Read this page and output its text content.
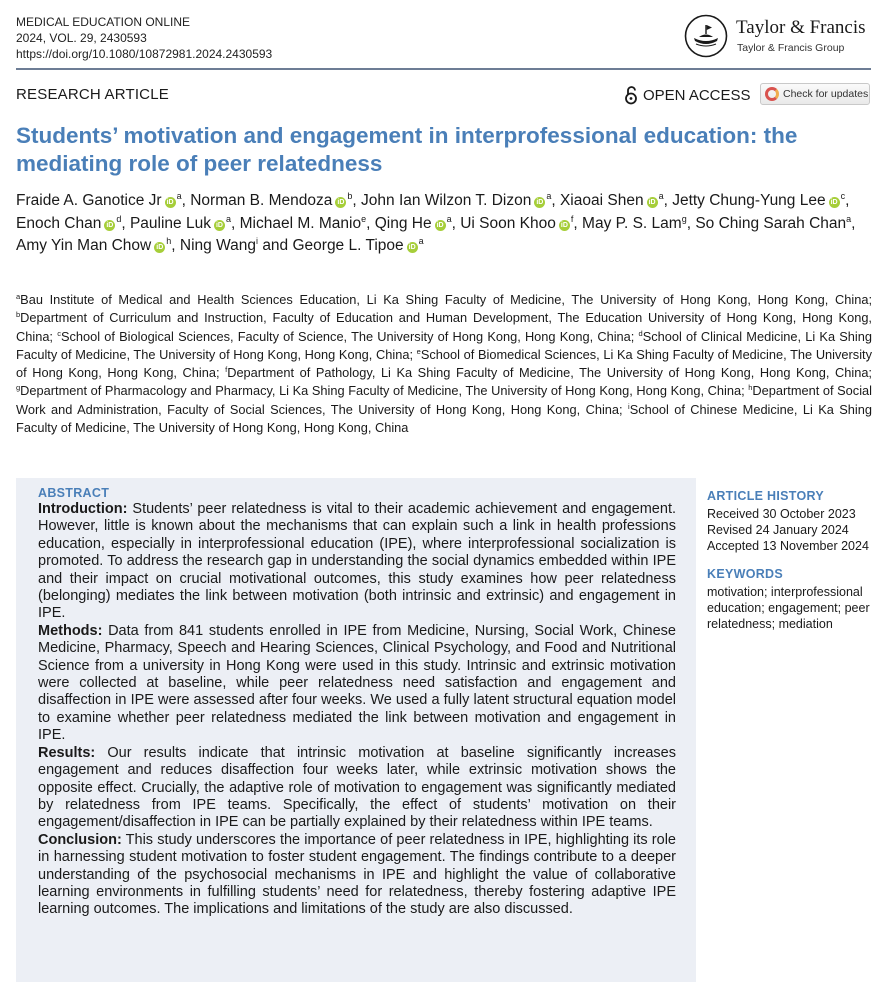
MEDICAL EDUCATION ONLINE
2024, VOL. 29, 2430593
https://doi.org/10.1080/10872981.2024.2430593
Taylor & Francis
Taylor & Francis Group
RESEARCH ARTICLE	OPEN ACCESS	Check for updates
Students’ motivation and engagement in interprofessional education: the mediating role of peer relatedness
Fraide A. Ganotice Jr $iD^a$, Norman B. Mendoza $iD^b$, John Ian Wilzon T. Dizon $iD^a$, Xiaoai Shen $iD^a$, Jetty Chung-Yung Lee $iD^c$, Enoch Chan $iD^d$, Pauline Luk $iD^a$, Michael M. Manio$^e$, Qing He $iD^a$, Ui Soon Khoo $iD^f$, May P. S. Lam$^g$, So Ching Sarah Chan$^a$, Amy Yin Man Chow $iD^h$, Ning Wang$^i$ and George L. Tipoe $iD^a$
$^a$Bau Institute of Medical and Health Sciences Education, Li Ka Shing Faculty of Medicine, The University of Hong Kong, Hong Kong, China; $^b$Department of Curriculum and Instruction, Faculty of Education and Human Development, The Education University of Hong Kong, Hong Kong, China; $^c$School of Biological Sciences, Faculty of Science, The University of Hong Kong, Hong Kong, China; $^d$School of Clinical Medicine, Li Ka Shing Faculty of Medicine, The University of Hong Kong, Hong Kong, China; $^e$School of Biomedical Sciences, Li Ka Shing Faculty of Medicine, The University of Hong Kong, Hong Kong, China; $^f$Department of Pathology, Li Ka Shing Faculty of Medicine, The University of Hong Kong, Hong Kong, China; $^g$Department of Pharmacology and Pharmacy, Li Ka Shing Faculty of Medicine, The University of Hong Kong, Hong Kong, China; $^h$Department of Social Work and Administration, Faculty of Social Sciences, The University of Hong Kong, Hong Kong, China; $^i$School of Chinese Medicine, Li Ka Shing Faculty of Medicine, The University of Hong Kong, Hong Kong, China
ABSTRACT
Introduction: Students’ peer relatedness is vital to their academic achievement and engagement. However, little is known about the mechanisms that can explain such a link in health professions education, especially in interprofessional education (IPE), where interprofessional socialization is promoted. To address the research gap in understanding the social dynamics embedded within IPE and their impact on crucial motivational outcomes, this study examines how peer relatedness (belonging) mediates the link between motivation (both intrinsic and extrinsic) and engagement in IPE.
Methods: Data from 841 students enrolled in IPE from Medicine, Nursing, Social Work, Chinese Medicine, Pharmacy, Speech and Hearing Sciences, Clinical Psychology, and Food and Nutritional Science from a university in Hong Kong were used in this study. Intrinsic and extrinsic motivation were collected at baseline, while peer relatedness need satisfaction and engagement and disaffection in IPE were assessed after four weeks. We used a fully latent structural equation model to examine whether peer relatedness mediated the link between motivation and engagement in IPE.
Results: Our results indicate that intrinsic motivation at baseline significantly increases engagement and reduces disaffection four weeks later, while extrinsic motivation shows the opposite effect. Crucially, the adaptive role of motivation to engagement was significantly mediated by relatedness from IPE teams. Specifically, the effect of students’ motivation on their engagement/disaffection in IPE can be partially explained by their relatedness within IPE teams.
Conclusion: This study underscores the importance of peer relatedness in IPE, highlighting its role in harnessing student motivation to foster student engagement. The findings contribute to a deeper understanding of the psychosocial mechanisms in IPE and highlight the value of collaborative learning environments in fulfilling students’ need for relatedness, thereby fostering adaptive IPE learning outcomes. The implications and limitations of the study are also discussed.
ARTICLE HISTORY
Received 30 October 2023
Revised 24 January 2024
Accepted 13 November 2024
KEYWORDS
motivation; interprofessional education; engagement; peer relatedness; mediation
